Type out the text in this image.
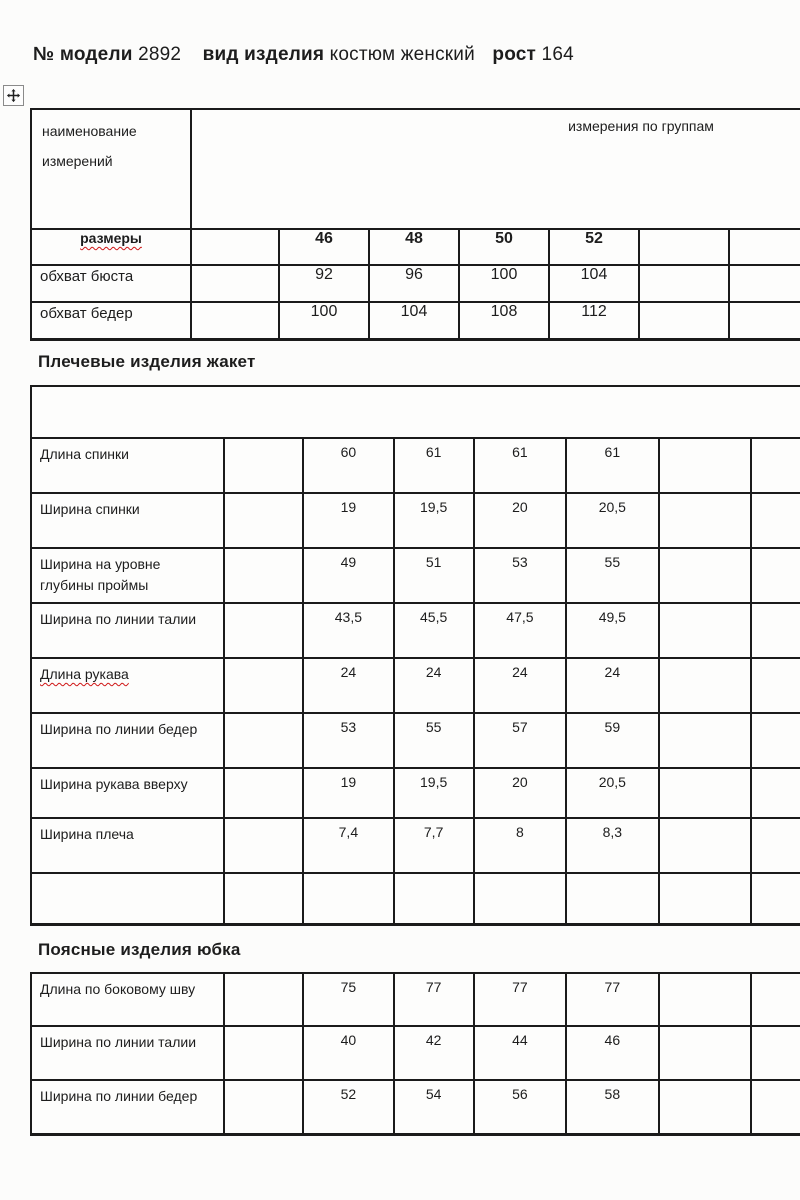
№ модели 2892 вид изделия костюм женский рост 164
наименование измерений	измерения по группам						
размеры		46	48	50	52		
обхват бюста		92	96	100	104		
обхват бедер		100	104	108	112		
Плечевые изделия жакет

Длина спинки		60	61	61	61		
Ширина спинки		19	19,5	20	20,5		
Ширина на уровне глубины проймы		49	51	53	55		
Ширина по линии талии		43,5	45,5	47,5	49,5		
Длина рукава		24	24	24	24		
Ширина по линии бедер		53	55	57	59		
Ширина рукава вверху		19	19,5	20	20,5		
Ширина плеча		7,4	7,7	8	8,3		

Поясные изделия юбка
Длина по боковому шву		75	77	77	77		
Ширина по линии талии		40	42	44	46		
Ширина по линии бедер		52	54	56	58		
